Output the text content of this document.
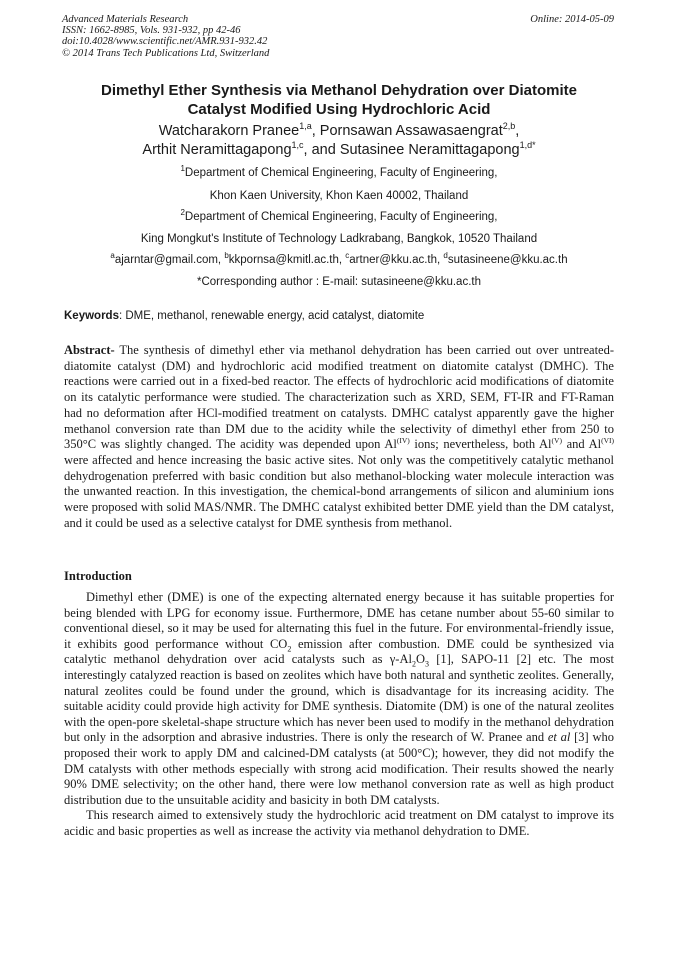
Advanced Materials Research
ISSN: 1662-8985, Vols. 931-932, pp 42-46
doi:10.4028/www.scientific.net/AMR.931-932.42
© 2014 Trans Tech Publications Ltd, Switzerland
Online: 2014-05-09
Dimethyl Ether Synthesis via Methanol Dehydration over Diatomite
Catalyst Modified Using Hydrochloric Acid
Watcharakorn Pranee$^{1,a}$, Pornsawan Assawasaengrat$^{2,b}$,
Arthit Neramittagapong$^{1,c}$, and Sutasinee Neramittagapong$^{1,d*}$
$^1$Department of Chemical Engineering, Faculty of Engineering,
Khon Kaen University, Khon Kaen 40002, Thailand
$^2$Department of Chemical Engineering, Faculty of Engineering,
King Mongkut's Institute of Technology Ladkrabang, Bangkok, 10520 Thailand
$^a$ajarntar@gmail.com, $^b$kkpornsa@kmitl.ac.th, $^c$artner@kku.ac.th, $^d$sutasineene@kku.ac.th
*Corresponding author : E-mail: sutasineene@kku.ac.th
Keywords: DME, methanol, renewable energy, acid catalyst, diatomite
Abstract- The synthesis of dimethyl ether via methanol dehydration has been carried out over untreated-diatomite catalyst (DM) and hydrochloric acid modified treatment on diatomite catalyst (DMHC). The reactions were carried out in a fixed-bed reactor. The effects of hydrochloric acid modifications of diatomite on its catalytic performance were studied. The characterization such as XRD, SEM, FT-IR and FT-Raman had no deformation after HCl-modified treatment on catalysts. DMHC catalyst apparently gave the higher methanol conversion rate than DM due to the acidity while the selectivity of dimethyl ether from 250 to 350°C was slightly changed. The acidity was depended upon $Al^{(IV)}$ ions; nevertheless, both $Al^{(V)}$ and $Al^{(VI)}$ were affected and hence increasing the basic active sites. Not only was the competitively catalytic methanol dehydrogenation preferred with basic condition but also methanol-blocking water molecule interaction was the unwanted reaction. In this investigation, the chemical-bond arrangements of silicon and aluminium ions were proposed with solid MAS/NMR. The DMHC catalyst exhibited better DME yield than the DM catalyst, and it could be used as a selective catalyst for DME synthesis from methanol.
Introduction

Dimethyl ether (DME) is one of the expecting alternated energy because it has suitable properties for being blended with LPG for economy issue. Furthermore, DME has cetane number about 55-60 similar to conventional diesel, so it may be used for alternating this fuel in the future. For environmental-friendly issue, it exhibits good performance without $CO_2$ emission after combustion. DME could be synthesized via catalytic methanol dehydration over acid catalysts such as $\gamma-Al_2O_3$ [1], SAPO-11 [2] etc. The most interestingly catalyzed reaction is based on zeolites which have both natural and synthetic zeolites. Generally, natural zeolites could be found under the ground, which is disadvantage for its increasing acidity. The suitable acidity could provide high activity for DME synthesis. Diatomite (DM) is one of the natural zeolites with the open-pore skeletal-shape structure which has never been used to modify in the methanol dehydration but only in the adsorption and abrasive industries. There is only the research of W. Pranee and et al [3] who proposed their work to apply DM and calcined-DM catalysts (at 500°C); however, they did not modify the DM catalysts with other methods especially with strong acid modification. Their results showed the nearly 90% DME selectivity; on the other hand, there were low methanol conversion rate as well as high product distribution due to the unsuitable acidity and basicity in both DM catalysts.

This research aimed to extensively study the hydrochloric acid treatment on DM catalyst to improve its acidic and basic properties as well as increase the activity via methanol dehydration to DME.
